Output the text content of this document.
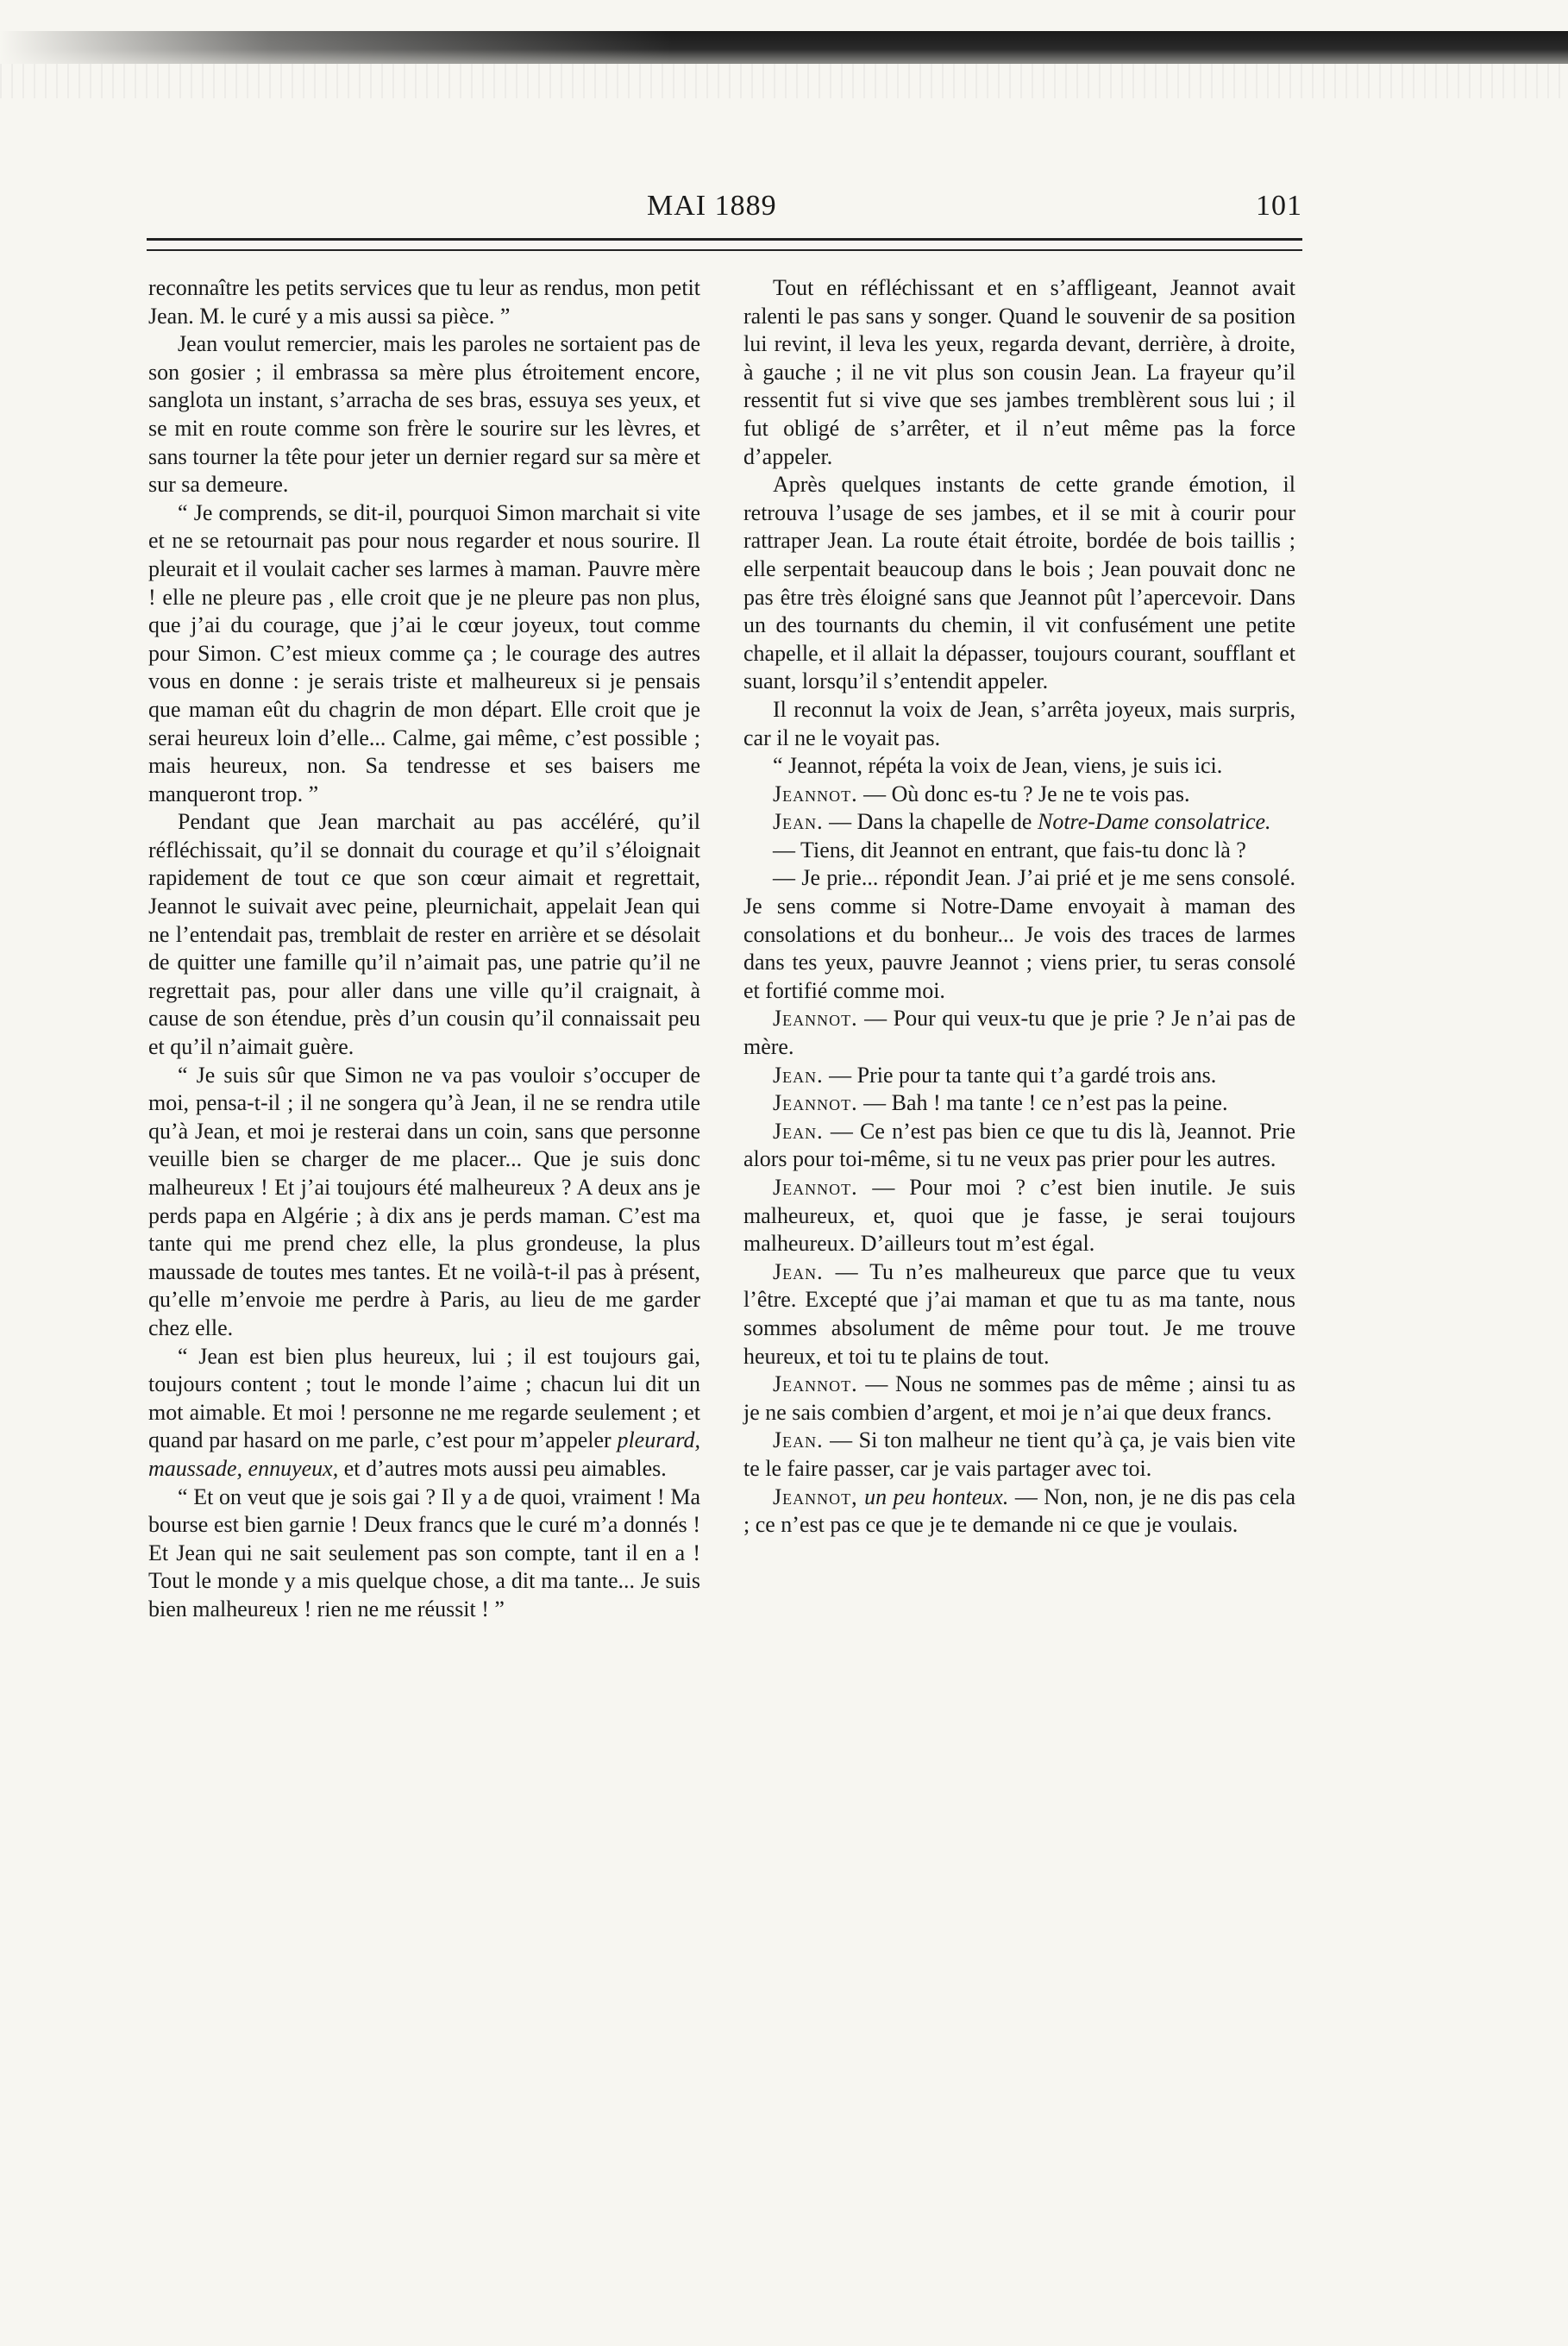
MAI 1889	101

reconnaître les petits services que tu leur as rendus, mon petit Jean. M. le curé y a mis aussi sa pièce. ”

Jean voulut remercier, mais les paroles ne sortaient pas de son gosier ; il embrassa sa mère plus étroitement encore, sanglota un instant, s’arracha de ses bras, essuya ses yeux, et se mit en route comme son frère le sourire sur les lèvres, et sans tourner la tête pour jeter un dernier regard sur sa mère et sur sa demeure.

“ Je comprends, se dit-il, pourquoi Simon marchait si vite et ne se retournait pas pour nous regarder et nous sourire. Il pleurait et il voulait cacher ses larmes à maman. Pauvre mère ! elle ne pleure pas , elle croit que je ne pleure pas non plus, que j’ai du courage, que j’ai le cœur joyeux, tout comme pour Simon. C’est mieux comme ça ; le courage des autres vous en donne : je serais triste et malheureux si je pensais que maman eût du chagrin de mon départ. Elle croit que je serai heureux loin d’elle... Calme, gai même, c’est possible ; mais heureux, non. Sa tendresse et ses baisers me manqueront trop. ”

Pendant que Jean marchait au pas accéléré, qu’il réfléchissait, qu’il se donnait du courage et qu’il s’éloignait rapidement de tout ce que son cœur aimait et regrettait, Jeannot le suivait avec peine, pleurnichait, appelait Jean qui ne l’entendait pas, tremblait de rester en arrière et se désolait de quitter une famille qu’il n’aimait pas, une patrie qu’il ne regrettait pas, pour aller dans une ville qu’il craignait, à cause de son étendue, près d’un cousin qu’il connaissait peu et qu’il n’aimait guère.

“ Je suis sûr que Simon ne va pas vouloir s’occuper de moi, pensa-t-il ; il ne songera qu’à Jean, il ne se rendra utile qu’à Jean, et moi je resterai dans un coin, sans que personne veuille bien se charger de me placer... Que je suis donc malheureux ! Et j’ai toujours été malheureux ? A deux ans je perds papa en Algérie ; à dix ans je perds maman. C’est ma tante qui me prend chez elle, la plus grondeuse, la plus maussade de toutes mes tantes. Et ne voilà-t-il pas à présent, qu’elle m’envoie me perdre à Paris, au lieu de me garder chez elle.

“ Jean est bien plus heureux, lui ; il est toujours gai, toujours content ; tout le monde l’aime ; chacun lui dit un mot aimable. Et moi ! personne ne me regarde seulement ; et quand par hasard on me parle, c’est pour m’appeler pleurard, maussade, ennuyeux, et d’autres mots aussi peu aimables.

“ Et on veut que je sois gai ? Il y a de quoi, vraiment ! Ma bourse est bien garnie ! Deux francs que le curé m’a donnés ! Et Jean qui ne sait seulement pas son compte, tant il en a ! Tout le monde y a mis quelque chose, a dit ma tante... Je suis bien malheureux ! rien ne me réussit ! ”

Tout en réfléchissant et en s’affligeant, Jeannot avait ralenti le pas sans y songer. Quand le souvenir de sa position lui revint, il leva les yeux, regarda devant, derrière, à droite, à gauche ; il ne vit plus son cousin Jean. La frayeur qu’il ressentit fut si vive que ses jambes tremblèrent sous lui ; il fut obligé de s’arrêter, et il n’eut même pas la force d’appeler.

Après quelques instants de cette grande émotion, il retrouva l’usage de ses jambes, et il se mit à courir pour rattraper Jean. La route était étroite, bordée de bois taillis ; elle serpentait beaucoup dans le bois ; Jean pouvait donc ne pas être très éloigné sans que Jeannot pût l’apercevoir. Dans un des tournants du chemin, il vit confusément une petite chapelle, et il allait la dépasser, toujours courant, soufflant et suant, lorsqu’il s’entendit appeler.

Il reconnut la voix de Jean, s’arrêta joyeux, mais surpris, car il ne le voyait pas.

“ Jeannot, répéta la voix de Jean, viens, je suis ici.

Jeannot. — Où donc es-tu ? Je ne te vois pas.

Jean. — Dans la chapelle de Notre-Dame consolatrice.

— Tiens, dit Jeannot en entrant, que fais-tu donc là ?

— Je prie... répondit Jean. J’ai prié et je me sens consolé. Je sens comme si Notre-Dame envoyait à maman des consolations et du bonheur... Je vois des traces de larmes dans tes yeux, pauvre Jeannot ; viens prier, tu seras consolé et fortifié comme moi.

Jeannot. — Pour qui veux-tu que je prie ? Je n’ai pas de mère.

Jean. — Prie pour ta tante qui t’a gardé trois ans.

Jeannot. — Bah ! ma tante ! ce n’est pas la peine.

Jean. — Ce n’est pas bien ce que tu dis là, Jeannot. Prie alors pour toi-même, si tu ne veux pas prier pour les autres.

Jeannot. — Pour moi ? c’est bien inutile. Je suis malheureux, et, quoi que je fasse, je serai toujours malheureux. D’ailleurs tout m’est égal.

Jean. — Tu n’es malheureux que parce que tu veux l’être. Excepté que j’ai maman et que tu as ma tante, nous sommes absolument de même pour tout. Je me trouve heureux, et toi tu te plains de tout.

Jeannot. — Nous ne sommes pas de même ; ainsi tu as je ne sais combien d’argent, et moi je n’ai que deux francs.

Jean. — Si ton malheur ne tient qu’à ça, je vais bien vite te le faire passer, car je vais partager avec toi.

Jeannot, un peu honteux. — Non, non, je ne dis pas cela ; ce n’est pas ce que je te demande ni ce que je voulais.
